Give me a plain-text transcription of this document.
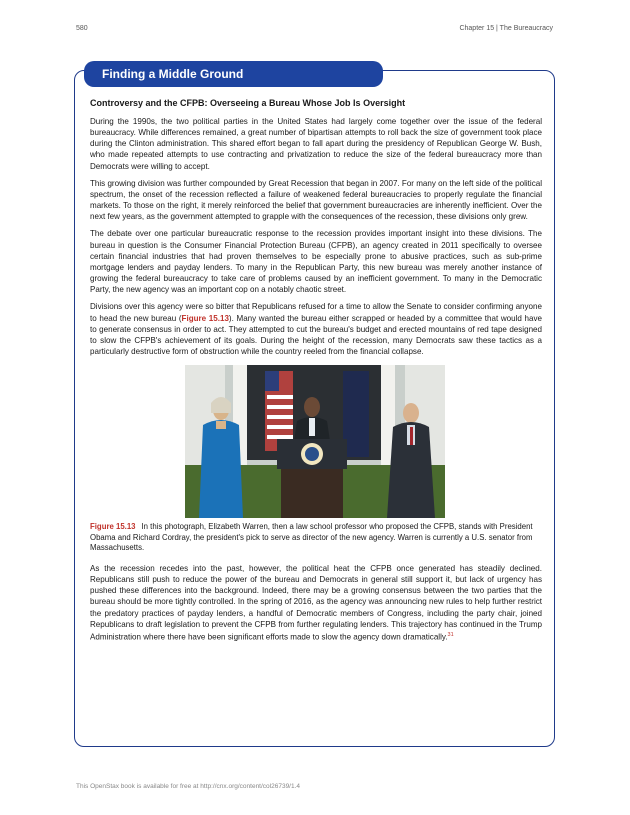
580	Chapter 15 | The Bureaucracy
Finding a Middle Ground
Controversy and the CFPB: Overseeing a Bureau Whose Job Is Oversight

During the 1990s, the two political parties in the United States had largely come together over the issue of the federal bureaucracy. While differences remained, a great number of bipartisan attempts to roll back the size of government took place during the Clinton administration. This shared effort began to fall apart during the presidency of Republican George W. Bush, who made repeated attempts to use contracting and privatization to reduce the size of the federal bureaucracy more than Democrats were willing to accept.

This growing division was further compounded by Great Recession that began in 2007. For many on the left side of the political spectrum, the onset of the recession reflected a failure of weakened federal bureaucracies to properly regulate the financial markets. To those on the right, it merely reinforced the belief that government bureaucracies are inherently inefficient. Over the next few years, as the government attempted to grapple with the consequences of the recession, these divisions only grew.

The debate over one particular bureaucratic response to the recession provides important insight into these divisions. The bureau in question is the Consumer Financial Protection Bureau (CFPB), an agency created in 2011 specifically to oversee certain financial industries that had proven themselves to be especially prone to abusive practices, such as sub-prime mortgage lenders and payday lenders. To many in the Republican Party, this new bureau was merely another instance of growing the federal bureaucracy to take care of problems caused by an inefficient government. To many in the Democratic Party, the new agency was an important cop on a notably chaotic street.

Divisions over this agency were so bitter that Republicans refused for a time to allow the Senate to consider confirming anyone to head the new bureau (Figure 15.13). Many wanted the bureau either scrapped or headed by a committee that would have to generate consensus in order to act. They attempted to cut the bureau's budget and erected mountains of red tape designed to slow the CFPB's achievement of its goals. During the height of the recession, many Democrats saw these tactics as a particularly destructive form of obstruction while the country reeled from the financial collapse.

Figure 15.13 In this photograph, Elizabeth Warren, then a law school professor who proposed the CFPB, stands with President Obama and Richard Cordray, the president's pick to serve as director of the new agency. Warren is currently a U.S. senator from Massachusetts.

As the recession recedes into the past, however, the political heat the CFPB once generated has steadily declined. Republicans still push to reduce the power of the bureau and Democrats in general still support it, but lack of urgency has pushed these differences into the background. Indeed, there may be a growing consensus between the two parties that the bureau should be more tightly controlled. In the spring of 2016, as the agency was announcing new rules to help further restrict the predatory practices of payday lenders, a handful of Democratic members of Congress, including the party chair, joined Republicans to draft legislation to prevent the CFPB from further regulating lenders. This trajectory has continued in the Trump Administration where there have been significant efforts made to slow the agency down dramatically.$^{31}$

This OpenStax book is available for free at http://cnx.org/content/col26739/1.4
